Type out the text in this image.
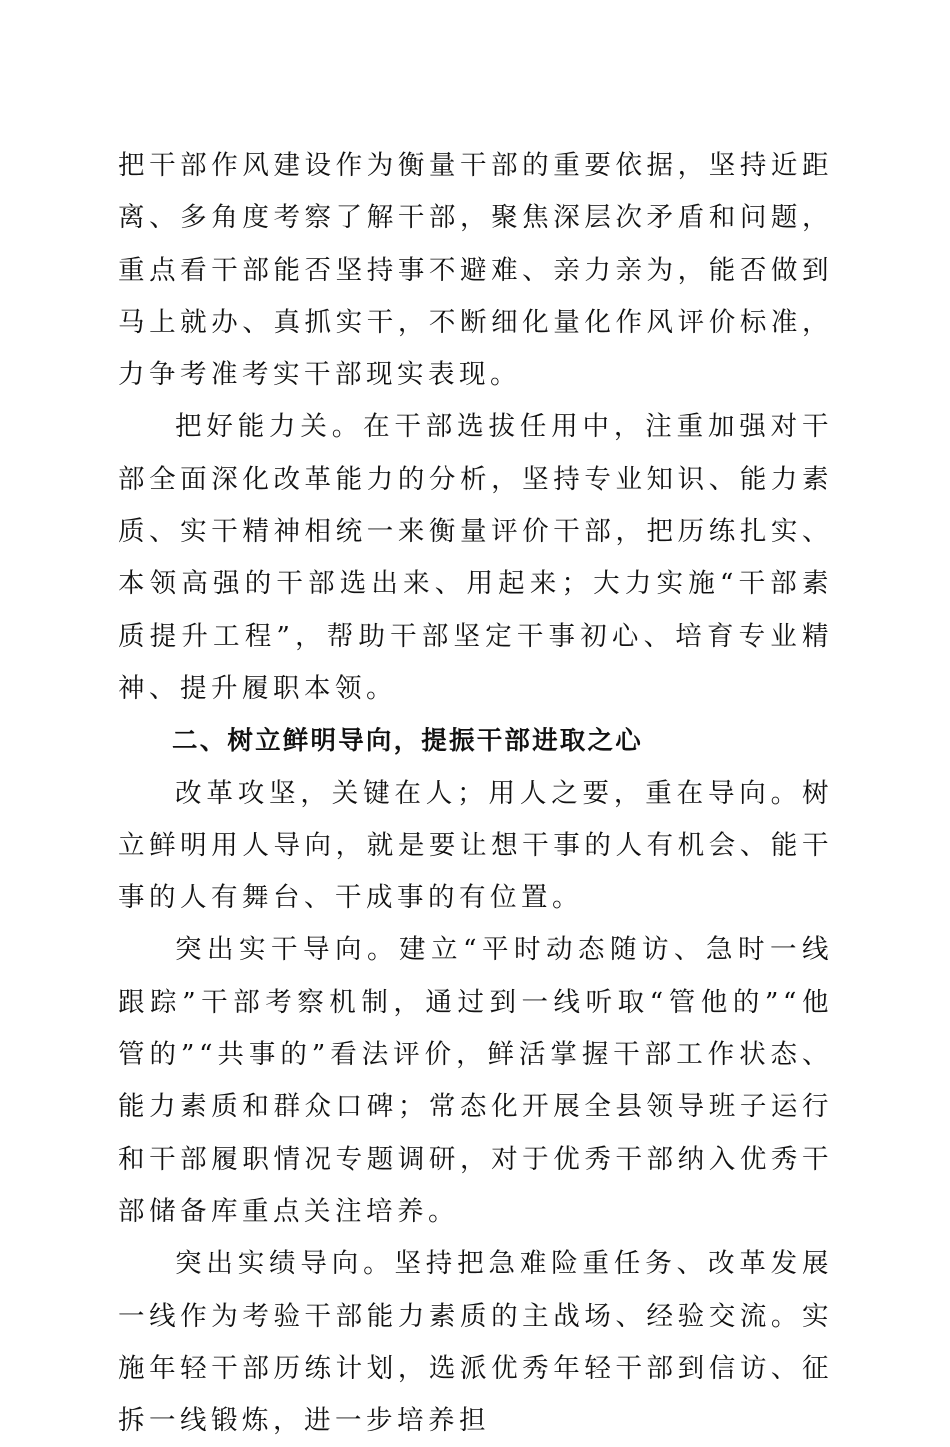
把干部作风建设作为衡量干部的重要依据，坚持近距离、多角度考察了解干部，聚焦深层次矛盾和问题，重点看干部能否坚持事不避难、亲力亲为，能否做到马上就办、真抓实干，不断细化量化作风评价标准，力争考准考实干部现实表现。

把好能力关。在干部选拔任用中，注重加强对干部全面深化改革能力的分析，坚持专业知识、能力素质、实干精神相统一来衡量评价干部，把历练扎实、本领高强的干部选出来、用起来；大力实施“干部素质提升工程”，帮助干部坚定干事初心、培育专业精神、提升履职本领。

二、树立鲜明导向，提振干部进取之心

改革攻坚，关键在人；用人之要，重在导向。树立鲜明用人导向，就是要让想干事的人有机会、能干事的人有舞台、干成事的有位置。

突出实干导向。建立“平时动态随访、急时一线跟踪”干部考察机制，通过到一线听取“管他的”“他管的”“共事的”看法评价，鲜活掌握干部工作状态、能力素质和群众口碑；常态化开展全县领导班子运行和干部履职情况专题调研，对于优秀干部纳入优秀干部储备库重点关注培养。

突出实绩导向。坚持把急难险重任务、改革发展一线作为考验干部能力素质的主战场、经验交流。实施年轻干部历练计划，选派优秀年轻干部到信访、征拆一线锻炼，进一步培养担
